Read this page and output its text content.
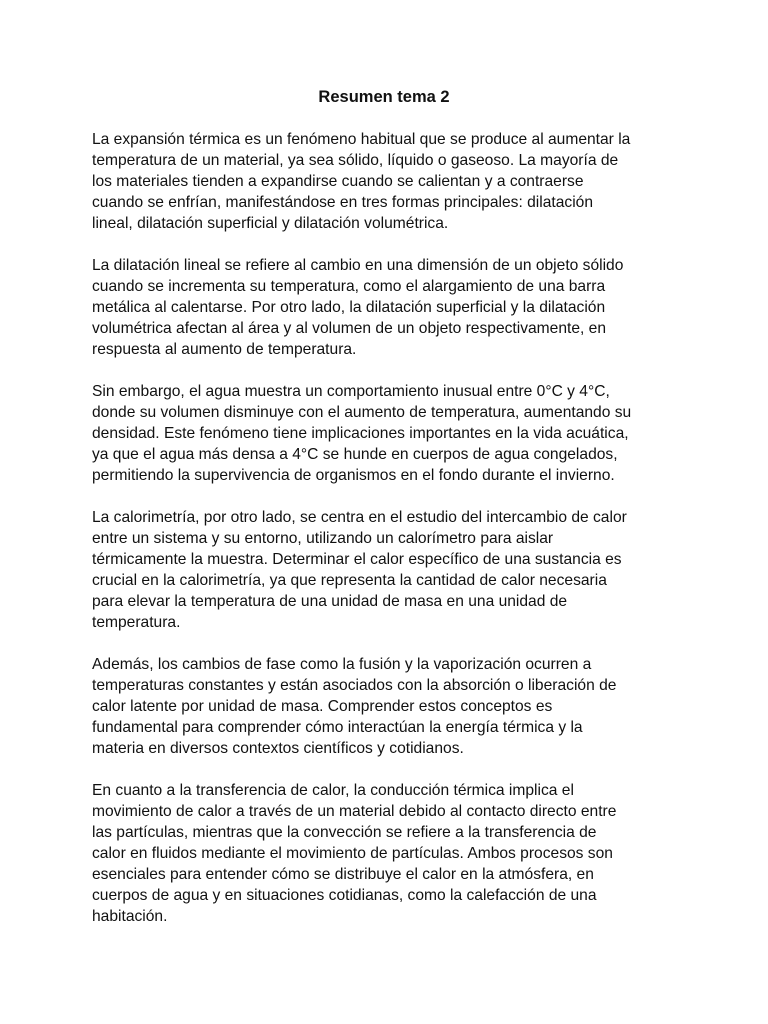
Resumen tema 2

La expansión térmica es un fenómeno habitual que se produce al aumentar la
temperatura de un material, ya sea sólido, líquido o gaseoso. La mayoría de
los materiales tienden a expandirse cuando se calientan y a contraerse
cuando se enfrían, manifestándose en tres formas principales: dilatación
lineal, dilatación superficial y dilatación volumétrica.

La dilatación lineal se refiere al cambio en una dimensión de un objeto sólido
cuando se incrementa su temperatura, como el alargamiento de una barra
metálica al calentarse. Por otro lado, la dilatación superficial y la dilatación
volumétrica afectan al área y al volumen de un objeto respectivamente, en
respuesta al aumento de temperatura.

Sin embargo, el agua muestra un comportamiento inusual entre 0°C y 4°C,
donde su volumen disminuye con el aumento de temperatura, aumentando su
densidad. Este fenómeno tiene implicaciones importantes en la vida acuática,
ya que el agua más densa a 4°C se hunde en cuerpos de agua congelados,
permitiendo la supervivencia de organismos en el fondo durante el invierno.

La calorimetría, por otro lado, se centra en el estudio del intercambio de calor
entre un sistema y su entorno, utilizando un calorímetro para aislar
térmicamente la muestra. Determinar el calor específico de una sustancia es
crucial en la calorimetría, ya que representa la cantidad de calor necesaria
para elevar la temperatura de una unidad de masa en una unidad de
temperatura.

Además, los cambios de fase como la fusión y la vaporización ocurren a
temperaturas constantes y están asociados con la absorción o liberación de
calor latente por unidad de masa. Comprender estos conceptos es
fundamental para comprender cómo interactúan la energía térmica y la
materia en diversos contextos científicos y cotidianos.

En cuanto a la transferencia de calor, la conducción térmica implica el
movimiento de calor a través de un material debido al contacto directo entre
las partículas, mientras que la convección se refiere a la transferencia de
calor en fluidos mediante el movimiento de partículas. Ambos procesos son
esenciales para entender cómo se distribuye el calor en la atmósfera, en
cuerpos de agua y en situaciones cotidianas, como la calefacción de una
habitación.
